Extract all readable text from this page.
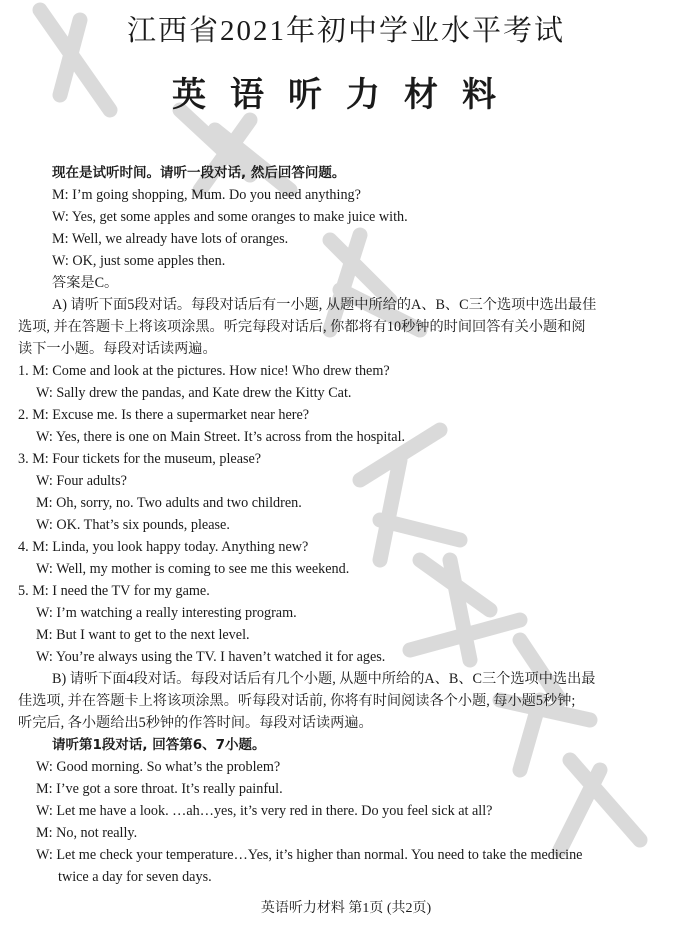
江西省2021年初中学业水平考试
英语听力材料
现在是试听时间。请听一段对话, 然后回答问题。
M: I’m going shopping, Mum. Do you need anything?
W: Yes, get some apples and some oranges to make juice with.
M: Well, we already have lots of oranges.
W: OK, just some apples then.
答案是C。
A) 请听下面5段对话。每段对话后有一小题, 从题中所给的A、B、C三个选项中选出最佳
选项, 并在答题卡上将该项涂黑。听完每段对话后, 你都将有10秒钟的时间回答有关小题和阅
读下一小题。每段对话读两遍。
1. M: Come and look at the pictures. How nice! Who drew them?
W: Sally drew the pandas, and Kate drew the Kitty Cat.
2. M: Excuse me. Is there a supermarket near here?
W: Yes, there is one on Main Street. It’s across from the hospital.
3. M: Four tickets for the museum, please?
W: Four adults?
M: Oh, sorry, no. Two adults and two children.
W: OK. That’s six pounds, please.
4. M: Linda, you look happy today. Anything new?
W: Well, my mother is coming to see me this weekend.
5. M: I need the TV for my game.
W: I’m watching a really interesting program.
M: But I want to get to the next level.
W: You’re always using the TV. I haven’t watched it for ages.
B) 请听下面4段对话。每段对话后有几个小题, 从题中所给的A、B、C三个选项中选出最
佳选项, 并在答题卡上将该项涂黑。听每段对话前, 你将有时间阅读各个小题, 每小题5秒钟;
听完后, 各小题给出5秒钟的作答时间。每段对话读两遍。
请听第1段对话, 回答第6、7小题。
W: Good morning. So what’s the problem?
M: I’ve got a sore throat. It’s really painful.
W: Let me have a look. …ah…yes, it’s very red in there. Do you feel sick at all?
M: No, not really.
W: Let me check your temperature…Yes, it’s higher than normal. You need to take the medicine
twice a day for seven days.
英语听力材料 第1页 (共2页)
